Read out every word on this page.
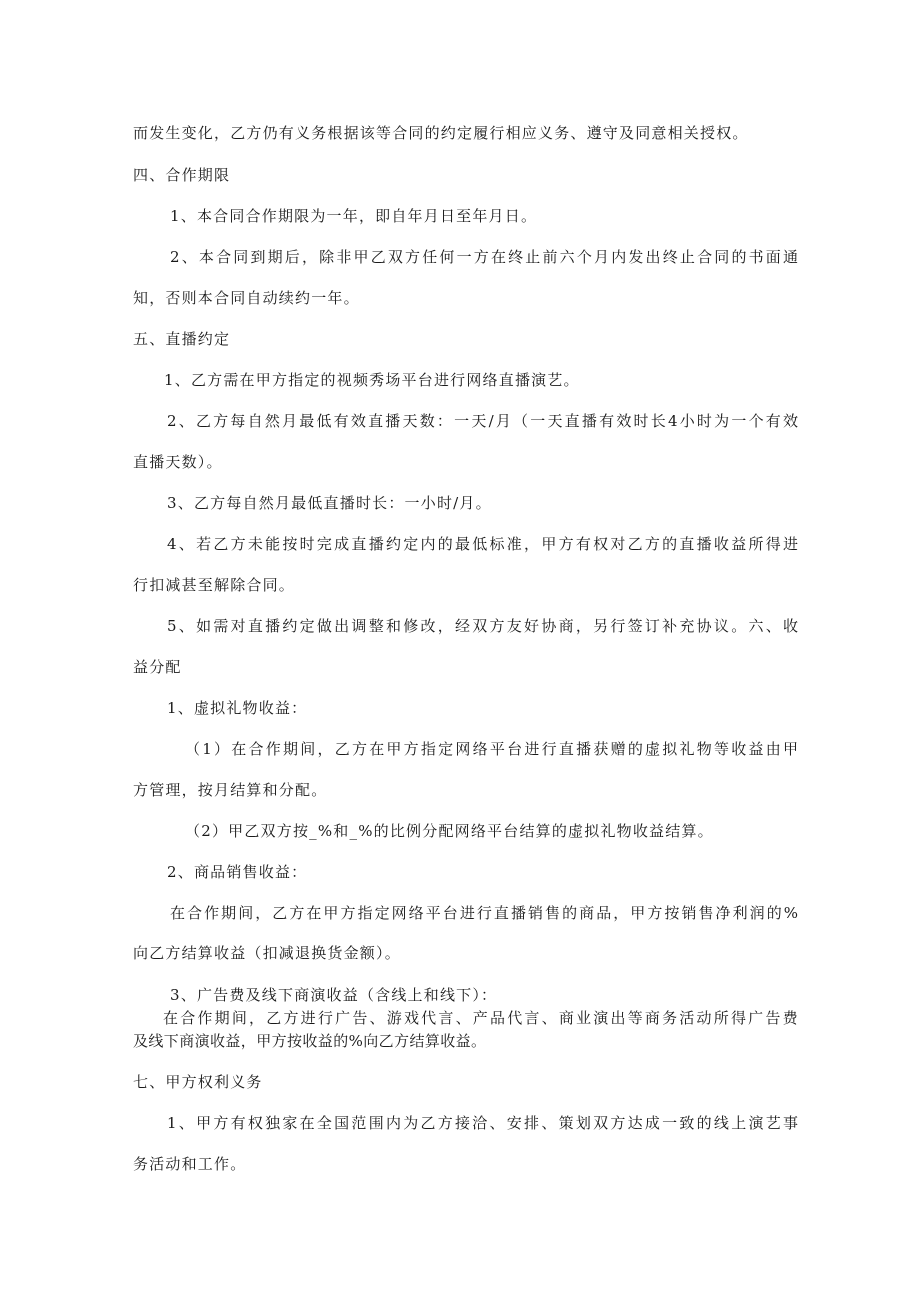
而发生变化，乙方仍有义务根据该等合同的约定履行相应义务、遵守及同意相关授权。
四、合作期限
1、本合同合作期限为一年，即自年月日至年月日。
2、本合同到期后，除非甲乙双方任何一方在终止前六个月内发出终止合同的书面通
知，否则本合同自动续约一年。
五、直播约定
1、乙方需在甲方指定的视频秀场平台进行网络直播演艺。
2、乙方每自然月最低有效直播天数：一天/月（一天直播有效时长4小时为一个有效
直播天数）。
3、乙方每自然月最低直播时长：一小时/月。
4、若乙方未能按时完成直播约定内的最低标准，甲方有权对乙方的直播收益所得进
行扣减甚至解除合同。
5、如需对直播约定做出调整和修改，经双方友好协商，另行签订补充协议。六、收
益分配
1、虚拟礼物收益：
（1）在合作期间，乙方在甲方指定网络平台进行直播获赠的虚拟礼物等收益由甲
方管理，按月结算和分配。
（2）甲乙双方按_%和_%的比例分配网络平台结算的虚拟礼物收益结算。
2、商品销售收益：
在合作期间，乙方在甲方指定网络平台进行直播销售的商品，甲方按销售净利润的%
向乙方结算收益（扣减退换货金额）。
3、广告费及线下商演收益（含线上和线下）：
在合作期间，乙方进行广告、游戏代言、产品代言、商业演出等商务活动所得广告费
及线下商演收益，甲方按收益的%向乙方结算收益。
七、甲方权利义务
1、甲方有权独家在全国范围内为乙方接洽、安排、策划双方达成一致的线上演艺事
务活动和工作。
